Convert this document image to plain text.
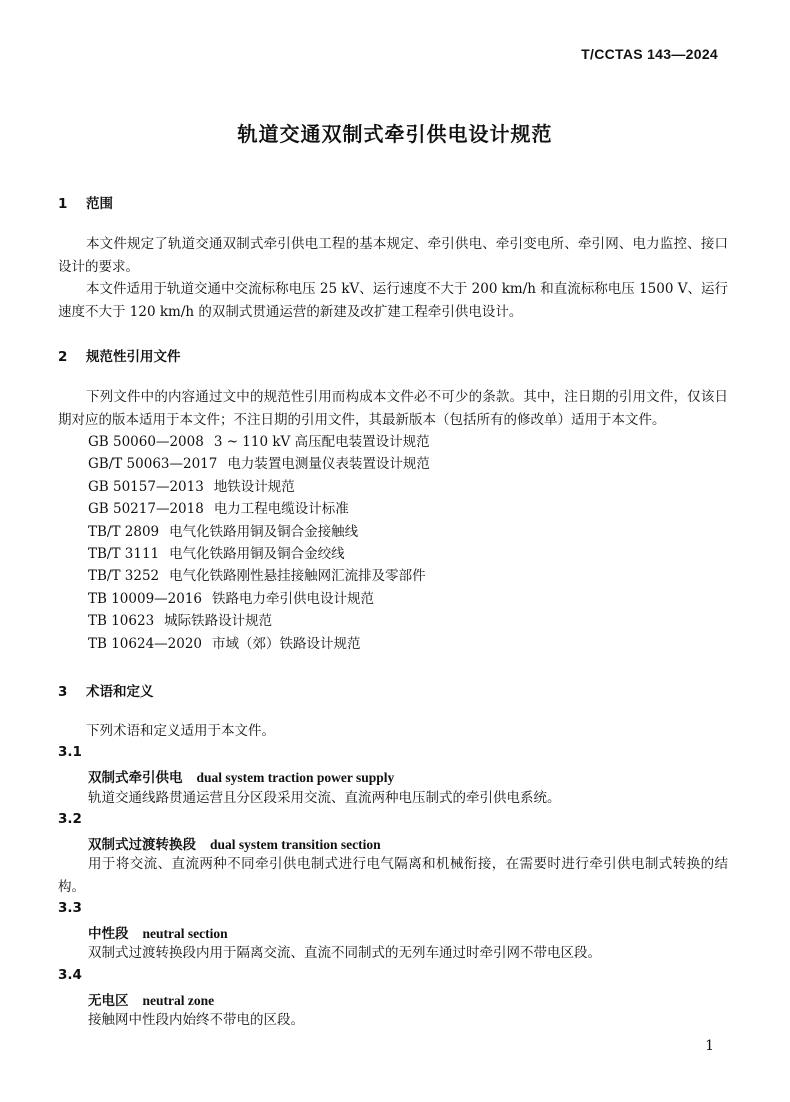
T/CCTAS 143—2024
轨道交通双制式牵引供电设计规范
1 范围

本文件规定了轨道交通双制式牵引供电工程的基本规定、牵引供电、牵引变电所、牵引网、电力监控、接口设计的要求。

本文件适用于轨道交通中交流标称电压 25 kV、运行速度不大于 200 km/h 和直流标称电压 1500 V、运行速度不大于 120 km/h 的双制式贯通运营的新建及改扩建工程牵引供电设计。

2 规范性引用文件

下列文件中的内容通过文中的规范性引用而构成本文件必不可少的条款。其中，注日期的引用文件，仅该日期对应的版本适用于本文件；不注日期的引用文件，其最新版本（包括所有的修改单）适用于本文件。

GB 50060—2008 3 ~ 110 kV 高压配电装置设计规范
GB/T 50063—2017 电力装置电测量仪表装置设计规范
GB 50157—2013 地铁设计规范
GB 50217—2018 电力工程电缆设计标准
TB/T 2809 电气化铁路用铜及铜合金接触线
TB/T 3111 电气化铁路用铜及铜合金绞线
TB/T 3252 电气化铁路刚性悬挂接触网汇流排及零部件
TB 10009—2016 铁路电力牵引供电设计规范
TB 10623 城际铁路设计规范
TB 10624—2020 市域（郊）铁路设计规范
3 术语和定义

下列术语和定义适用于本文件。

3.1
双制式牵引供电 dual system traction power supply

轨道交通线路贯通运营且分区段采用交流、直流两种电压制式的牵引供电系统。

3.2
双制式过渡转换段 dual system transition section

用于将交流、直流两种不同牵引供电制式进行电气隔离和机械衔接，在需要时进行牵引供电制式转换的结构。

3.3
中性段 neutral section

双制式过渡转换段内用于隔离交流、直流不同制式的无列车通过时牵引网不带电区段。

3.4
无电区 neutral zone

接触网中性段内始终不带电的区段。

1
